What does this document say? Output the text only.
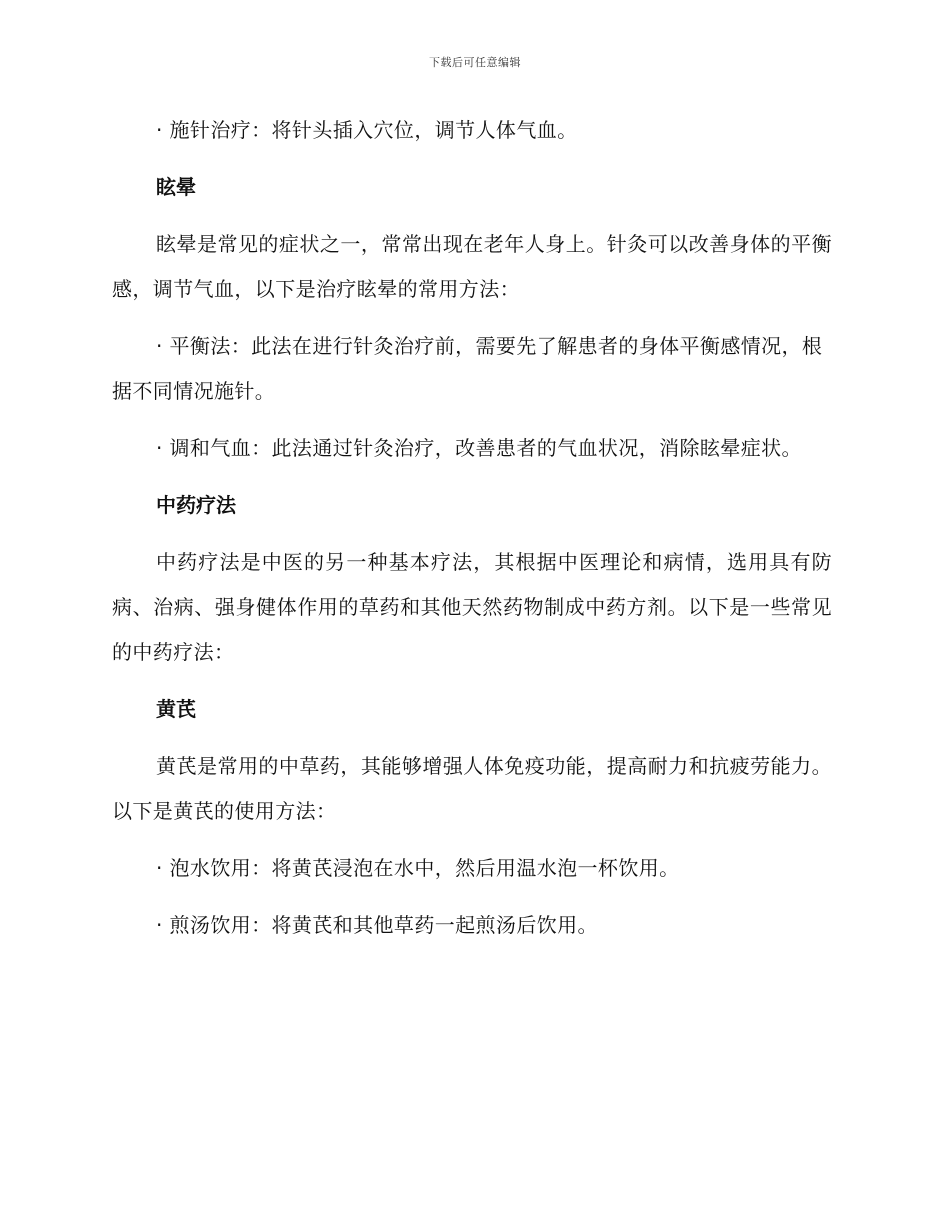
下载后可任意编辑
· 施针治疗：将针头插入穴位，调节人体气血。
眩晕
眩晕是常见的症状之一，常常出现在老年人身上。针灸可以改善身体的平衡感，调节气血，以下是治疗眩晕的常用方法：
· 平衡法：此法在进行针灸治疗前，需要先了解患者的身体平衡感情况，根据不同情况施针。
· 调和气血：此法通过针灸治疗，改善患者的气血状况，消除眩晕症状。
中药疗法
中药疗法是中医的另一种基本疗法，其根据中医理论和病情，选用具有防病、治病、强身健体作用的草药和其他天然药物制成中药方剂。以下是一些常见的中药疗法：
黄芪
黄芪是常用的中草药，其能够增强人体免疫功能，提高耐力和抗疲劳能力。以下是黄芪的使用方法：
· 泡水饮用：将黄芪浸泡在水中，然后用温水泡一杯饮用。
· 煎汤饮用：将黄芪和其他草药一起煎汤后饮用。
